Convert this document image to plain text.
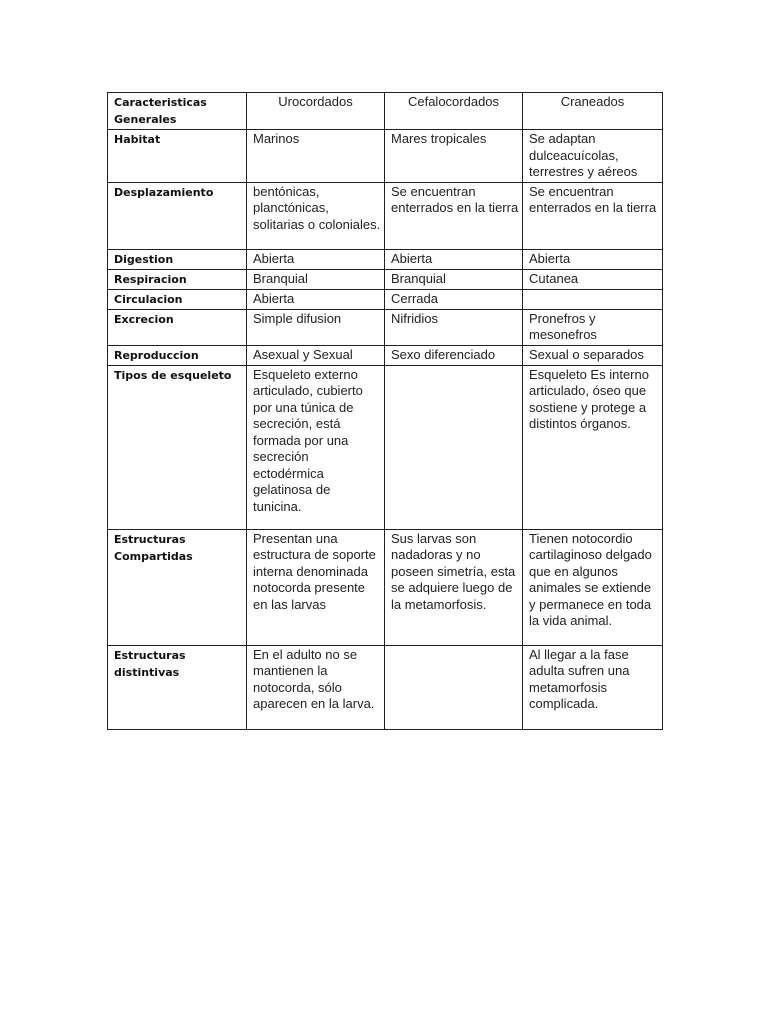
Caracteristicas Generales	Urocordados	Cefalocordados	Craneados
Habitat	Marinos	Mares tropicales	Se adaptan dulceacuícolas, terrestres y aéreos
Desplazamiento	bentónicas, planctónicas, solitarias o coloniales.	Se encuentran enterrados en la tierra	Se encuentran enterrados en la tierra
Digestion	Abierta	Abierta	Abierta
Respiracion	Branquial	Branquial	Cutanea
Circulacion	Abierta	Cerrada	
Excrecion	Simple difusion	Nifridios	Pronefros y mesonefros
Reproduccion	Asexual y Sexual	Sexo diferenciado	Sexual o separados
Tipos de esqueleto	Esqueleto externo articulado, cubierto por una túnica de secreción, está formada por una secreción ectodérmica gelatinosa de tunicina.		Esqueleto Es interno articulado, óseo que sostiene y protege a distintos órganos.
Estructuras Compartidas	Presentan una estructura de soporte interna denominada notocorda presente en las larvas	Sus larvas son nadadoras y no poseen simetría, esta se adquiere luego de la metamorfosis.	Tienen notocordio cartilaginoso delgado que en algunos animales se extiende y permanece en toda la vida animal.
Estructuras distintivas	En el adulto no se mantienen la notocorda, sólo aparecen en la larva.		Al llegar a la fase adulta sufren una metamorfosis complicada.
